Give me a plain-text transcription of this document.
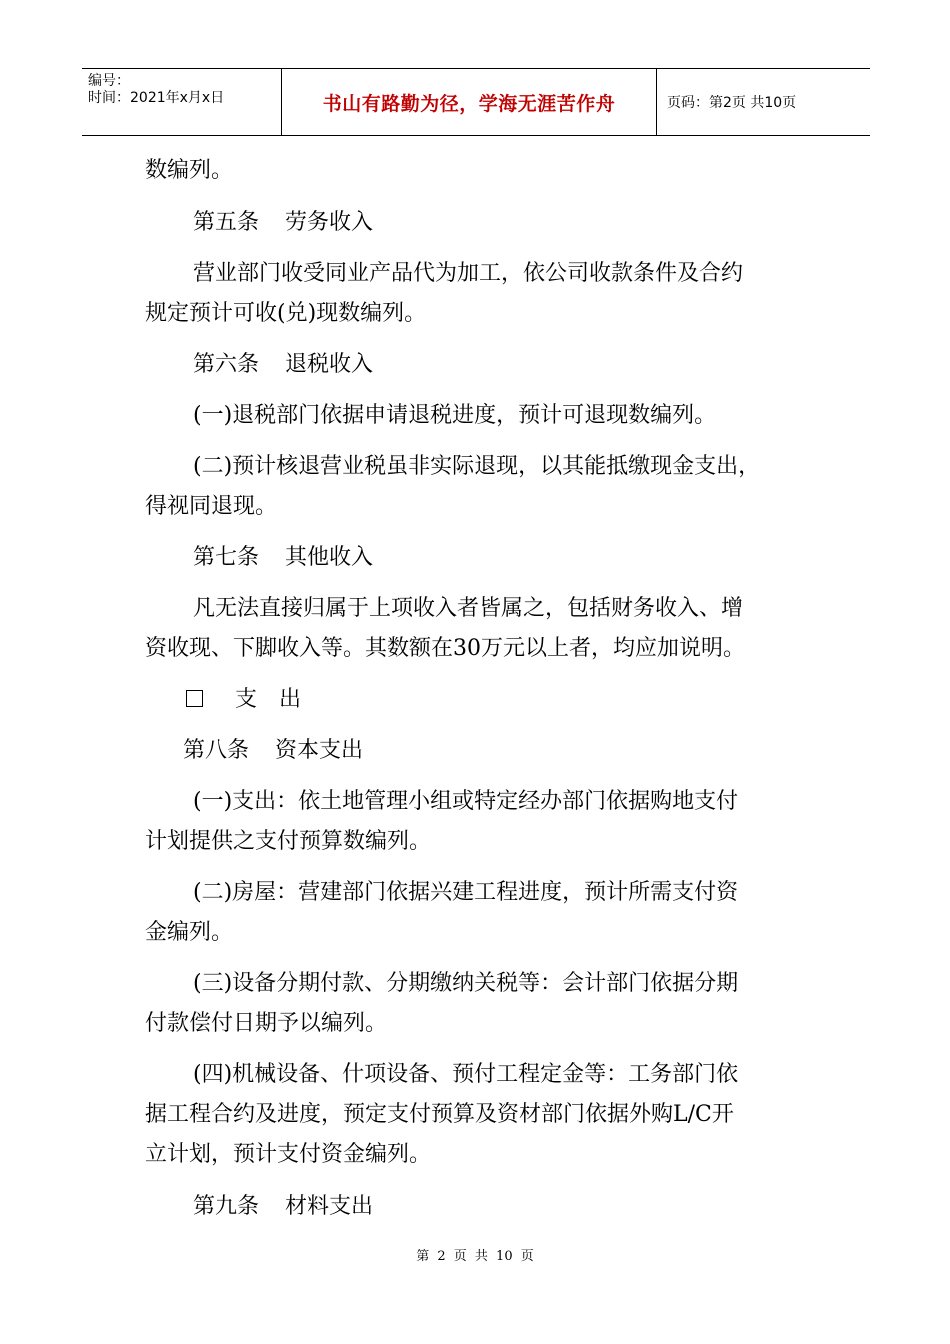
编号：
时间：2021年x月x日	书山有路勤为径，学海无涯苦作舟	页码：第2页 共10页
数编列。
第五条 劳务收入
营业部门收受同业产品代为加工，依公司收款条件及合约
规定预计可收(兑)现数编列。
第六条 退税收入
(一)退税部门依据申请退税进度，预计可退现数编列。
(二)预计核退营业税虽非实际退现，以其能抵缴现金支出，
得视同退现。
第七条 其他收入
凡无法直接归属于上项收入者皆属之，包括财务收入、增
资收现、下脚收入等。其数额在30万元以上者，均应加说明。
支　出
第八条 资本支出
(一)支出：依土地管理小组或特定经办部门依据购地支付
计划提供之支付预算数编列。
(二)房屋：营建部门依据兴建工程进度，预计所需支付资
金编列。
(三)设备分期付款、分期缴纳关税等：会计部门依据分期
付款偿付日期予以编列。
(四)机械设备、什项设备、预付工程定金等：工务部门依
据工程合约及进度，预定支付预算及资材部门依据外购L/C开
立计划，预计支付资金编列。
第九条 材料支出
第 2 页 共 10 页
